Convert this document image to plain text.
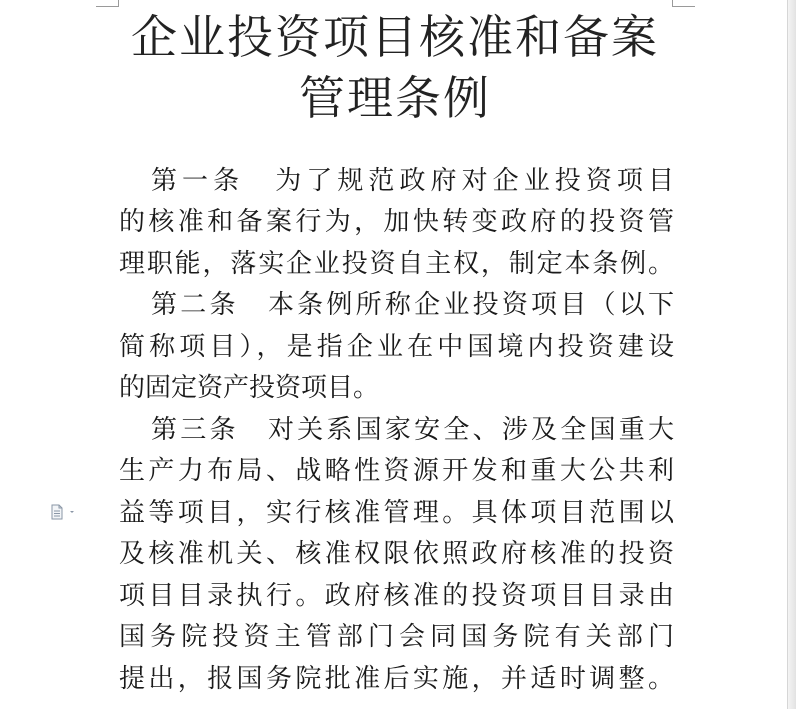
企业投资项目核准和备案
管理条例
第一条　为了规范政府对企业投资项目
的核准和备案行为，加快转变政府的投资管
理职能，落实企业投资自主权，制定本条例。
第二条　本条例所称企业投资项目（以下
简称项目），是指企业在中国境内投资建设
的固定资产投资项目。
第三条　对关系国家安全、涉及全国重大
生产力布局、战略性资源开发和重大公共利
益等项目，实行核准管理。具体项目范围以
及核准机关、核准权限依照政府核准的投资
项目目录执行。政府核准的投资项目目录由
国务院投资主管部门会同国务院有关部门
提出，报国务院批准后实施，并适时调整。
